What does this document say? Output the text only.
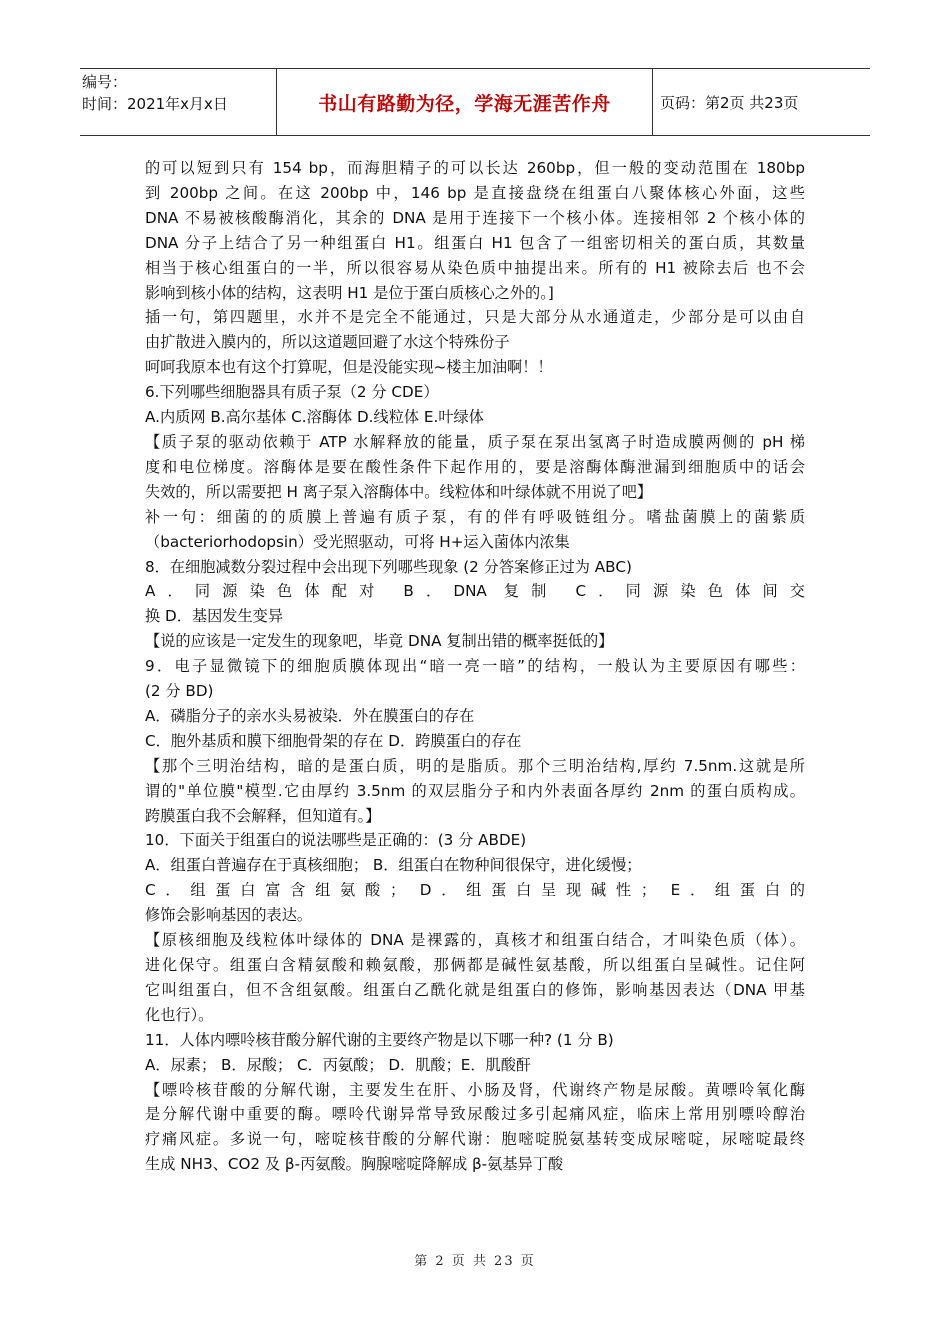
编号：
时间：2021年x月x日	书山有路勤为径，学海无涯苦作舟	页码：第2页 共23页

的可以短到只有 154 bp，而海胆精子的可以长达 260bp，但一般的变动范围在 180bp

到 200bp 之间。在这 200bp 中，146 bp 是直接盘绕在组蛋白八聚体核心外面，这些

DNA 不易被核酸酶消化，其余的 DNA 是用于连接下一个核小体。连接相邻 2 个核小体的

DNA 分子上结合了另一种组蛋白 H1。组蛋白 H1 包含了一组密切相关的蛋白质，其数量

相当于核心组蛋白的一半，所以很容易从染色质中抽提出来。所有的 H1 被除去后 也不会

影响到核小体的结构，这表明 H1 是位于蛋白质核心之外的。]

插一句，第四题里，水并不是完全不能通过，只是大部分从水通道走，少部分是可以由自

由扩散进入膜内的，所以这道题回避了水这个特殊份子

呵呵我原本也有这个打算呢，但是没能实现~楼主加油啊！！

6.下列哪些细胞器具有质子泵（2 分 CDE）

A.内质网 B.高尔基体 C.溶酶体 D.线粒体 E.叶绿体

【质子泵的驱动依赖于 ATP 水解释放的能量，质子泵在泵出氢离子时造成膜两侧的 pH 梯

度和电位梯度。溶酶体是要在酸性条件下起作用的，要是溶酶体酶泄漏到细胞质中的话会

失效的，所以需要把 H 离子泵入溶酶体中。线粒体和叶绿体就不用说了吧】

补一句：细菌的的质膜上普遍有质子泵，有的伴有呼吸链组分。嗜盐菌膜上的菌紫质

（bacteriorhodopsin）受光照驱动，可将 H+运入菌体内浓集

8．在细胞减数分裂过程中会出现下列哪些现象 (2 分答案修正过为 ABC)

A．同源染色体配对 B．DNA 复制 C．同源染色体间交

换 D．基因发生变异

【说的应该是一定发生的现象吧，毕竟 DNA 复制出错的概率挺低的】

9．电子显微镜下的细胞质膜体现出“暗一亮一暗”的结构，一般认为主要原因有哪些：

(2 分 BD)

A．磷脂分子的亲水头易被染．外在膜蛋白的存在

C．胞外基质和膜下细胞骨架的存在 D．跨膜蛋白的存在

【那个三明治结构，暗的是蛋白质，明的是脂质。那个三明治结构,厚约 7.5nm.这就是所

谓的"单位膜"模型.它由厚约 3.5nm 的双层脂分子和内外表面各厚约 2nm 的蛋白质构成。

跨膜蛋白我不会解释，但知道有。】

10．下面关于组蛋白的说法哪些是正确的：(3 分 ABDE)

A．组蛋白普遍存在于真核细胞； B．组蛋白在物种间很保守，进化缓慢；

C．组蛋白富含组氨酸； D．组蛋白呈现碱性； E．组蛋白的

修饰会影响基因的表达。

【原核细胞及线粒体叶绿体的 DNA 是裸露的，真核才和组蛋白结合，才叫染色质（体）。

进化保守。组蛋白含精氨酸和赖氨酸，那俩都是碱性氨基酸，所以组蛋白呈碱性。记住阿

它叫组蛋白，但不含组氨酸。组蛋白乙酰化就是组蛋白的修饰，影响基因表达（DNA 甲基

化也行）。

11．人体内嘌呤核苷酸分解代谢的主要终产物是以下哪一种? (1 分 B)

A．尿素； B．尿酸； C．丙氨酸； D．肌酸；E．肌酸酐

【嘌呤核苷酸的分解代谢，主要发生在肝、小肠及肾，代谢终产物是尿酸。黄嘌呤氧化酶

是分解代谢中重要的酶。嘌呤代谢异常导致尿酸过多引起痛风症，临床上常用别嘌呤醇治

疗痛风症。多说一句，嘧啶核苷酸的分解代谢：胞嘧啶脱氨基转变成尿嘧啶，尿嘧啶最终

生成 NH3、CO2 及 β-丙氨酸。胸腺嘧啶降解成 β-氨基异丁酸

第 2 页 共 23 页
